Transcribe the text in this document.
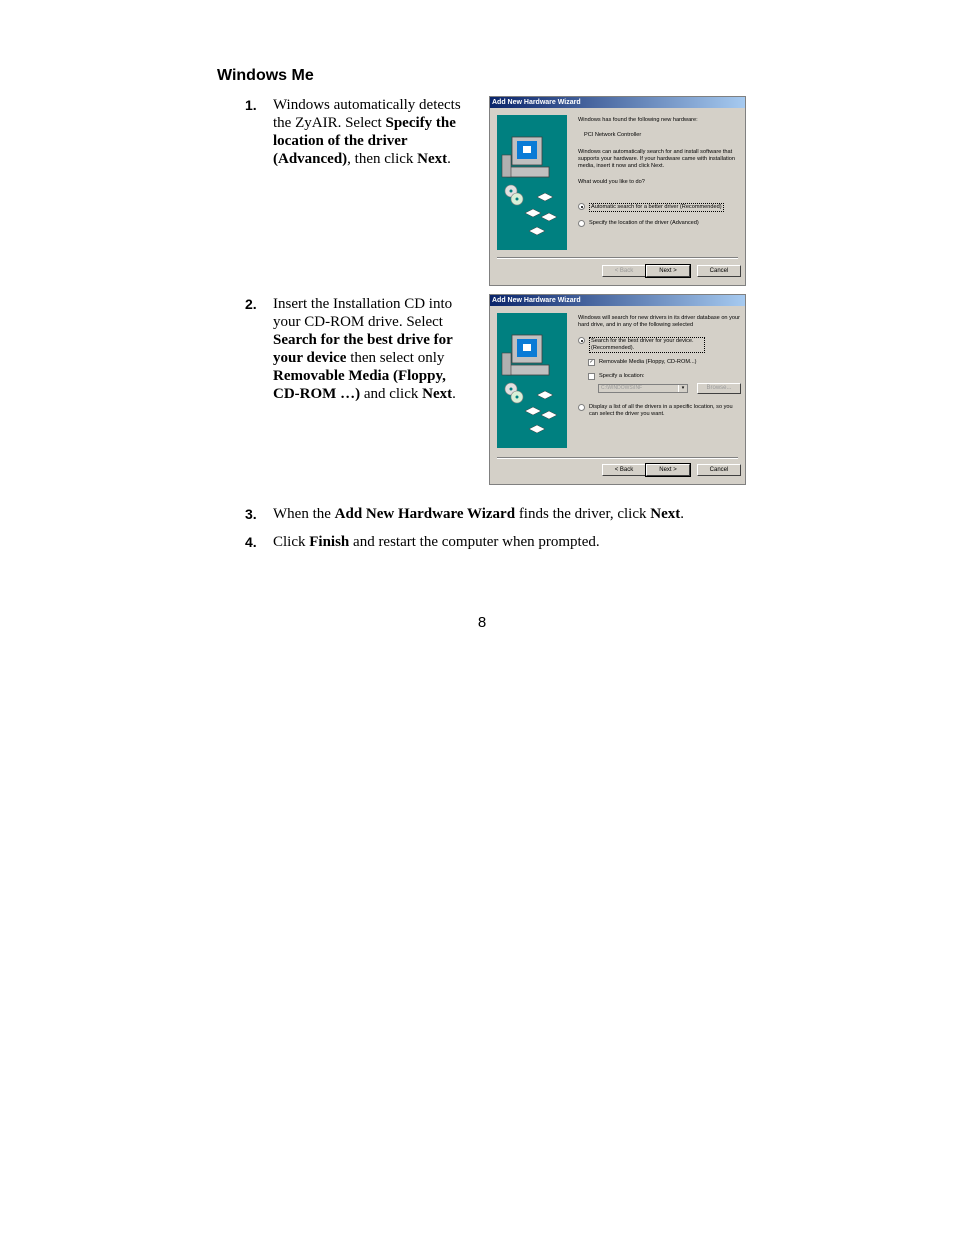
Windows Me
1. Windows automatically detects the ZyAIR. Select Specify the location of the driver (Advanced), then click Next.
2. Insert the Installation CD into your CD-ROM drive. Select Search for the best drive for your device then select only Removable Media (Floppy, CD-ROM …) and click Next.
3. When the Add New Hardware Wizard finds the driver, click Next.
4. Click Finish and restart the computer when prompted.
Add New Hardware Wizard

Windows has found the following new hardware:

PCI Network Controller

Windows can automatically search for and install software that supports your hardware. If your hardware came with installation media, insert it now and click Next.

What would you like to do?

Automatic search for a better driver (Recommended)
Specify the location of the driver (Advanced)
< Back	Next >	Cancel
Add New Hardware Wizard

Windows will search for new drivers in its driver database on your hard drive, and in any of the following selected

Search for the best driver for your device. (Recommended).
✓ Removable Media (Floppy, CD-ROM...)
Specify a location:
C:\WINDOWS\INF	▾	Browse...
Display a list of all the drivers in a specific location, so you can select the driver you want.
< Back	Next >	Cancel
8
